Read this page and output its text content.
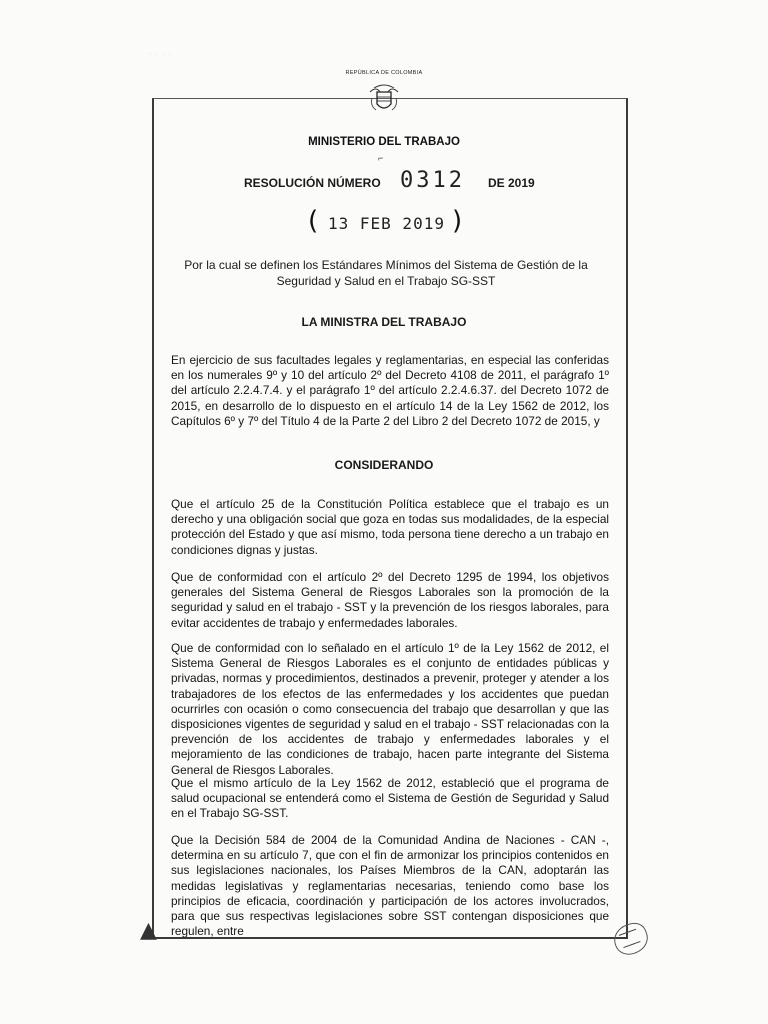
· · · ·
▲
REPÚBLICA DE COLOMBIA
MINISTERIO DEL TRABAJO
⌐
RESOLUCIÓN NÚMERO 0312 DE 2019
( 13 FEB 2019 )
Por la cual se definen los Estándares Mínimos del Sistema de Gestión de la Seguridad y Salud en el Trabajo SG-SST
LA MINISTRA DEL TRABAJO
En ejercicio de sus facultades legales y reglamentarias, en especial las conferidas en los numerales 9º y 10 del artículo 2º del Decreto 4108 de 2011, el parágrafo 1º del artículo 2.2.4.7.4. y el parágrafo 1º del artículo 2.2.4.6.37. del Decreto 1072 de 2015, en desarrollo de lo dispuesto en el artículo 14 de la Ley 1562 de 2012, los Capítulos 6º y 7º del Título 4 de la Parte 2 del Libro 2 del Decreto 1072 de 2015, y
CONSIDERANDO
Que el artículo 25 de la Constitución Política establece que el trabajo es un derecho y una obligación social que goza en todas sus modalidades, de la especial protección del Estado y que así mismo, toda persona tiene derecho a un trabajo en condiciones dignas y justas.
Que de conformidad con el artículo 2º del Decreto 1295 de 1994, los objetivos generales del Sistema General de Riesgos Laborales son la promoción de la seguridad y salud en el trabajo - SST y la prevención de los riesgos laborales, para evitar accidentes de trabajo y enfermedades laborales.
Que de conformidad con lo señalado en el artículo 1º de la Ley 1562 de 2012, el Sistema General de Riesgos Laborales es el conjunto de entidades públicas y privadas, normas y procedimientos, destinados a prevenir, proteger y atender a los trabajadores de los efectos de las enfermedades y los accidentes que puedan ocurrirles con ocasión o como consecuencia del trabajo que desarrollan y que las disposiciones vigentes de seguridad y salud en el trabajo - SST relacionadas con la prevención de los accidentes de trabajo y enfermedades laborales y el mejoramiento de las condiciones de trabajo, hacen parte integrante del Sistema General de Riesgos Laborales.
Que el mismo artículo de la Ley 1562 de 2012, estableció que el programa de salud ocupacional se entenderá como el Sistema de Gestión de Seguridad y Salud en el Trabajo SG-SST.
Que la Decisión 584 de 2004 de la Comunidad Andina de Naciones - CAN -, determina en su artículo 7, que con el fin de armonizar los principios contenidos en sus legislaciones nacionales, los Países Miembros de la CAN, adoptarán las medidas legislativas y reglamentarias necesarias, teniendo como base los principios de eficacia, coordinación y participación de los actores involucrados, para que sus respectivas legislaciones sobre SST contengan disposiciones que regulen, entre
